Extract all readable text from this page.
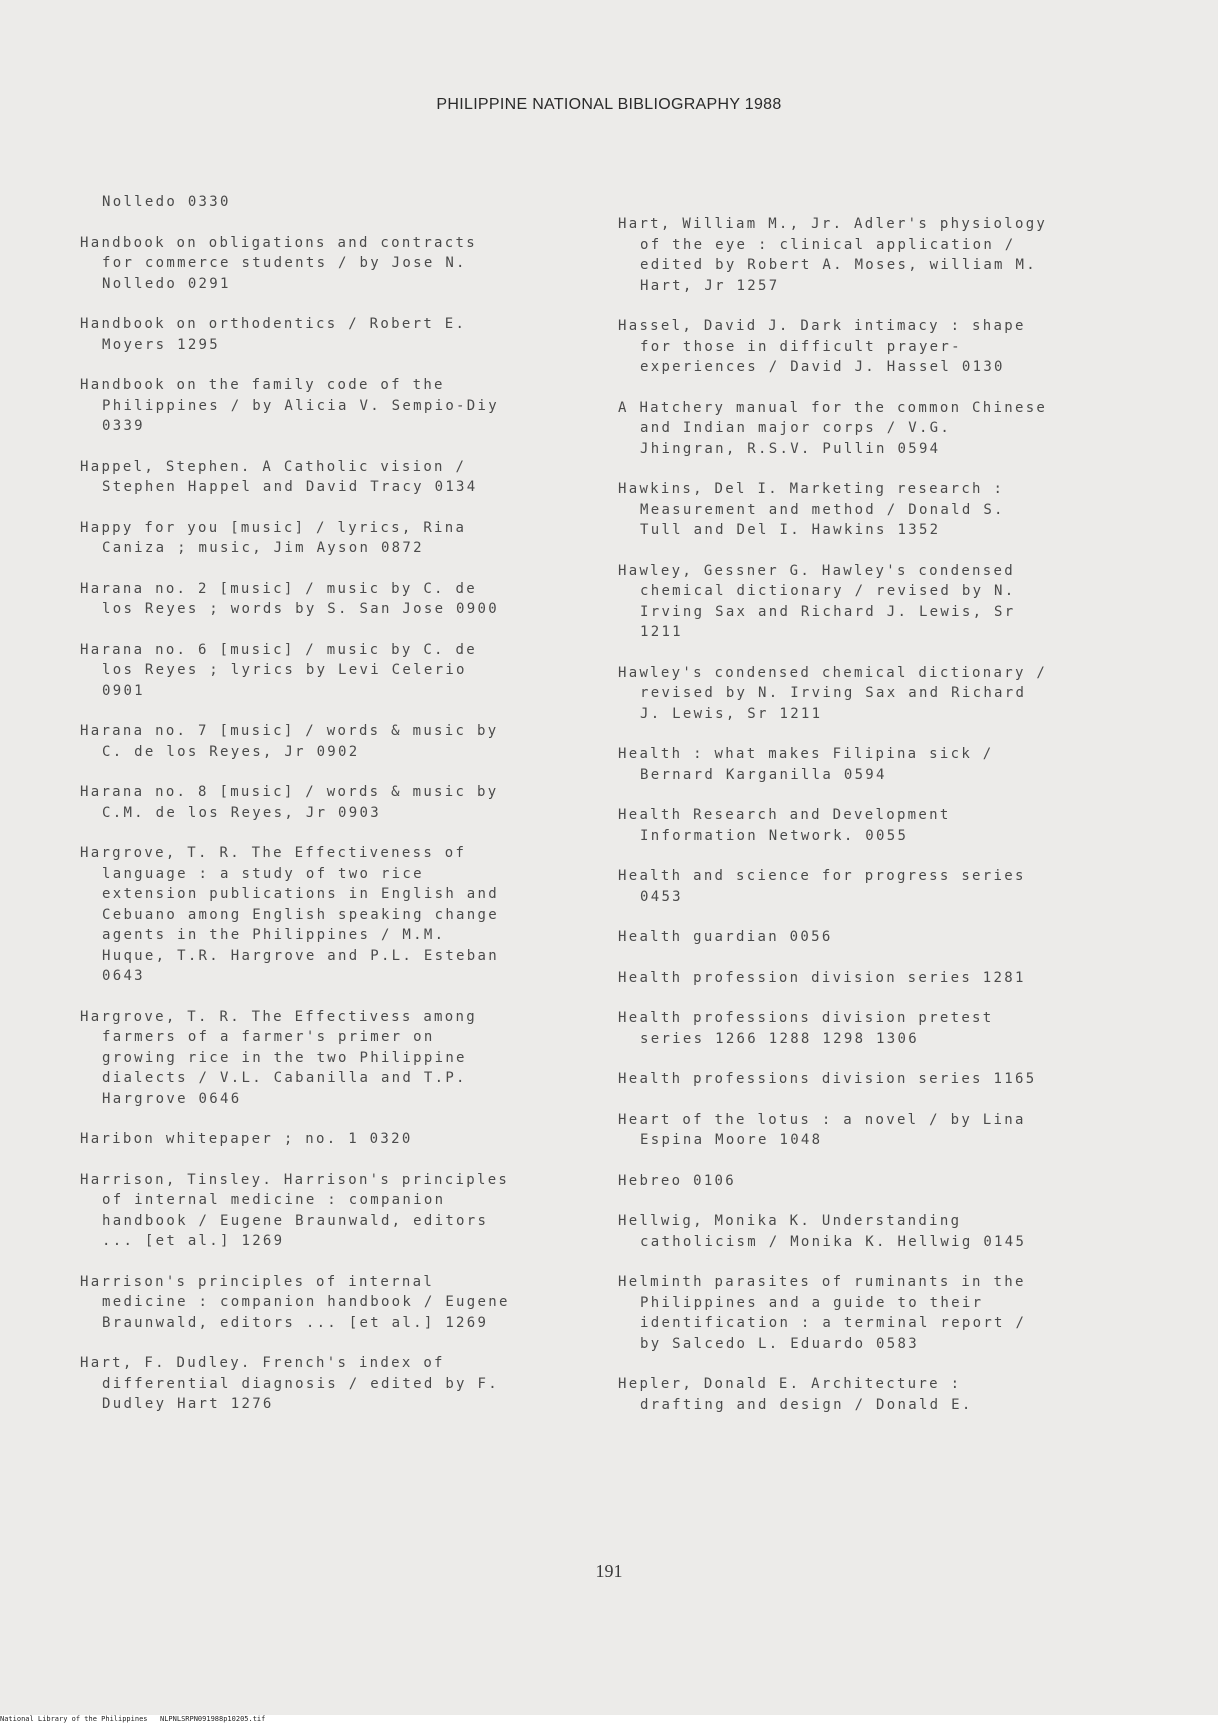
PHILIPPINE NATIONAL BIBLIOGRAPHY 1988
Nolledo 0330
Handbook on obligations and contracts
for commerce students / by Jose N.
Nolledo 0291
Handbook on orthodentics / Robert E.
Moyers 1295
Handbook on the family code of the
Philippines / by Alicia V. Sempio-Diy
0339
Happel, Stephen. A Catholic vision /
Stephen Happel and David Tracy 0134
Happy for you [music] / lyrics, Rina
Caniza ; music, Jim Ayson 0872
Harana no. 2 [music] / music by C. de
los Reyes ; words by S. San Jose 0900
Harana no. 6 [music] / music by C. de
los Reyes ; lyrics by Levi Celerio
0901
Harana no. 7 [music] / words & music by
C. de los Reyes, Jr 0902
Harana no. 8 [music] / words & music by
C.M. de los Reyes, Jr 0903
Hargrove, T. R. The Effectiveness of
language : a study of two rice
extension publications in English and
Cebuano among English speaking change
agents in the Philippines / M.M.
Huque, T.R. Hargrove and P.L. Esteban
0643
Hargrove, T. R. The Effectivess among
farmers of a farmer's primer on
growing rice in the two Philippine
dialects / V.L. Cabanilla and T.P.
Hargrove 0646
Haribon whitepaper ; no. 1 0320
Harrison, Tinsley. Harrison's principles
of internal medicine : companion
handbook / Eugene Braunwald, editors
... [et al.] 1269
Harrison's principles of internal
medicine : companion handbook / Eugene
Braunwald, editors ... [et al.] 1269
Hart, F. Dudley. French's index of
differential diagnosis / edited by F.
Dudley Hart 1276
Hart, William M., Jr. Adler's physiology
of the eye : clinical application /
edited by Robert A. Moses, william M.
Hart, Jr 1257
Hassel, David J. Dark intimacy : shape
for those in difficult prayer-
experiences / David J. Hassel 0130
A Hatchery manual for the common Chinese
and Indian major corps / V.G.
Jhingran, R.S.V. Pullin 0594
Hawkins, Del I. Marketing research :
Measurement and method / Donald S.
Tull and Del I. Hawkins 1352
Hawley, Gessner G. Hawley's condensed
chemical dictionary / revised by N.
Irving Sax and Richard J. Lewis, Sr
1211
Hawley's condensed chemical dictionary /
revised by N. Irving Sax and Richard
J. Lewis, Sr 1211
Health : what makes Filipina sick /
Bernard Karganilla 0594
Health Research and Development
Information Network. 0055
Health and science for progress series
0453
Health guardian 0056
Health profession division series 1281
Health professions division pretest
series 1266 1288 1298 1306
Health professions division series 1165
Heart of the lotus : a novel / by Lina
Espina Moore 1048
Hebreo 0106
Hellwig, Monika K. Understanding
catholicism / Monika K. Hellwig 0145
Helminth parasites of ruminants in the
Philippines and a guide to their
identification : a terminal report /
by Salcedo L. Eduardo 0583
Hepler, Donald E. Architecture :
drafting and design / Donald E.
191
National Library of the Philippines NLPNLSRPN091988p10205.tif
